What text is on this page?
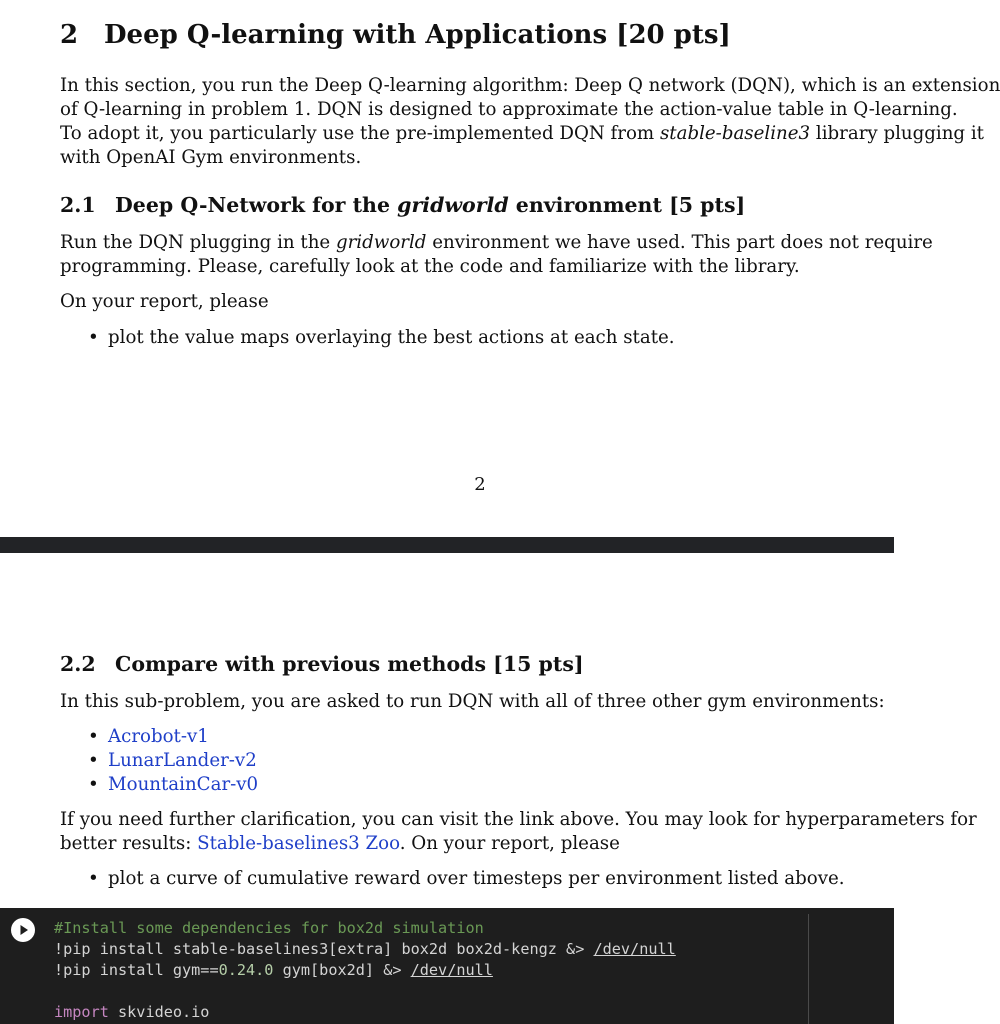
2 Deep Q-learning with Applications [20 pts]
In this section, you run the Deep Q-learning algorithm: Deep Q network (DQN), which is an extension
of Q-learning in problem 1. DQN is designed to approximate the action-value table in Q-learning.
To adopt it, you particularly use the pre-implemented DQN from stable-baseline3 library plugging it
with OpenAI Gym environments.
2.1 Deep Q-Network for the gridworld environment [5 pts]
Run the DQN plugging in the gridworld environment we have used. This part does not require
programming. Please, carefully look at the code and familiarize with the library.
On your report, please
• plot the value maps overlaying the best actions at each state.
2
2.2 Compare with previous methods [15 pts]
In this sub-problem, you are asked to run DQN with all of three other gym environments:
• Acrobot-v1
• LunarLander-v2
• MountainCar-v0
If you need further clarification, you can visit the link above. You may look for hyperparameters for
better results: Stable-baselines3 Zoo. On your report, please
• plot a curve of cumulative reward over timesteps per environment listed above.
#Install some dependencies for box2d simulation
!pip install stable-baselines3[extra] box2d box2d-kengz &> /dev/null
!pip install gym==0.24.0 gym[box2d] &> /dev/null
import skvideo.io
